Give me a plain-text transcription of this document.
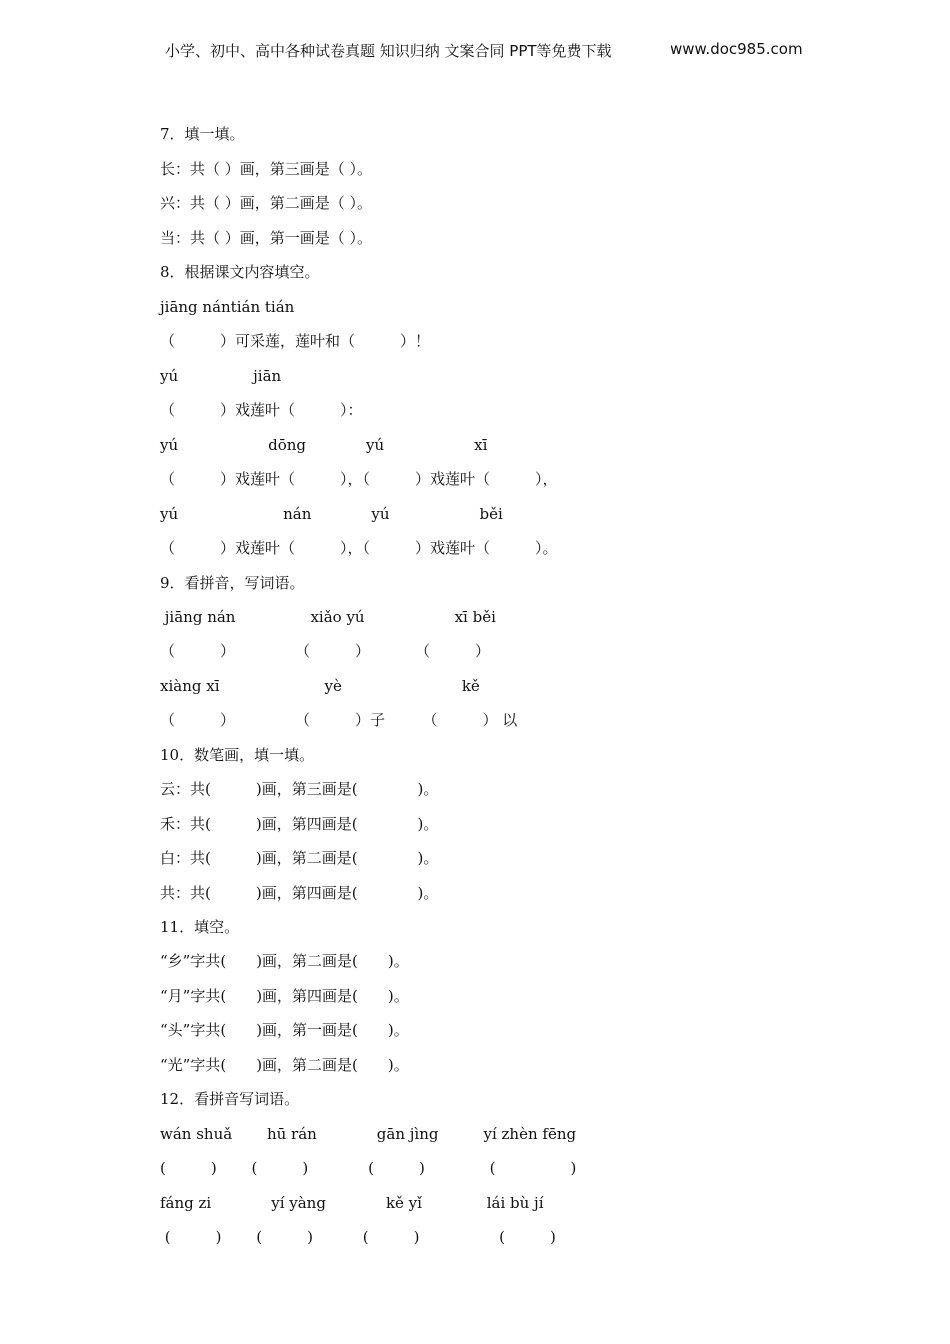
小学、初中、高中各种试卷真题 知识归纳 文案合同 PPT等免费下载	www.doc985.com
7．填一填。
长：共（ ）画，第三画是（ ）。
兴：共（ ）画，第二画是（ ）。
当：共（ ）画，第一画是（ ）。
8．根据课文内容填空。
jiāng nántián tián
（　　　）可采莲，莲叶和（　　　）！
yú　　　　　jiān
（　　　）戏莲叶（　　　）：
yú　　　　　　dōng　　　　yú　　　　　　xī
（　　　）戏莲叶（　　　），（　　　）戏莲叶（　　　），
yú　　　　　　　nán　　　　yú　　　　　　běi
（　　　）戏莲叶（　　　），（　　　）戏莲叶（　　　）。
9．看拼音，写词语。
jiāng nán　　　　　xiǎo yú　　　　　　xī běi
（　　　）　　　　　（　　　）　　　　（　　　）
xiàng xī　　　　　　　yè　　　　　　　　kě
（　　　）　　　　　（　　　）子　　　（　　　） 以
10．数笔画，填一填。
云：共(　　　)画，第三画是(　　　　)。
禾：共(　　　)画，第四画是(　　　　)。
白：共(　　　)画，第二画是(　　　　)。
共：共(　　　)画，第四画是(　　　　)。
11．填空。
“乡”字共(　　)画，第二画是(　　)。
“月”字共(　　)画，第四画是(　　)。
“头”字共(　　)画，第一画是(　　)。
“光”字共(　　)画，第二画是(　　)。
12．看拼音写词语。
wán shuǎ　　 hū rán　　　　gān jìng　　　yí zhèn fēng
(　　　)　　 (　　　)　　　　(　　　)　　　　 (　　　　　)
fáng zi　　　　yí yàng　　　　kě yǐ　　　　 lái bù jí
(　　　)　　 (　　　)　　　 (　　　)　　　　　 (　　　)
